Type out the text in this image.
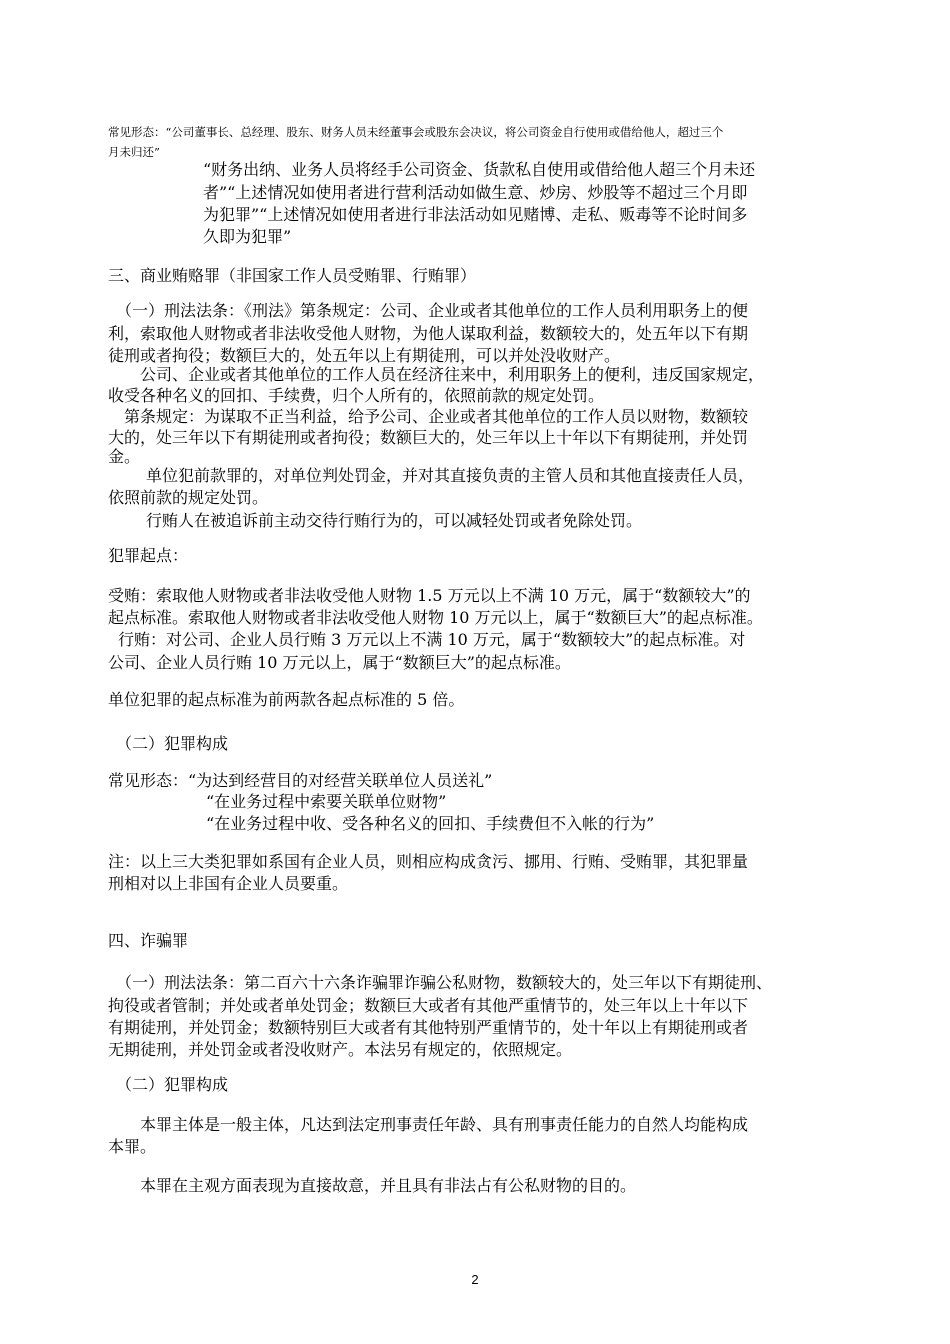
常见形态：“公司董事长、总经理、股东、财务人员未经董事会或股东会决议，将公司资金自行使用或借给他人，超过三个
月未归还”
“财务出纳、业务人员将经手公司资金、货款私自使用或借给他人超三个月未还
者”“上述情况如使用者进行营利活动如做生意、炒房、炒股等不超过三个月即
为犯罪”“上述情况如使用者进行非法活动如见赌博、走私、贩毒等不论时间多
久即为犯罪”
三、商业贿赂罪（非国家工作人员受贿罪、行贿罪）
（一）刑法法条：《刑法》第条规定：公司、企业或者其他单位的工作人员利用职务上的便
利，索取他人财物或者非法收受他人财物，为他人谋取利益，数额较大的，处五年以下有期
徒刑或者拘役；数额巨大的，处五年以上有期徒刑，可以并处没收财产。
公司、企业或者其他单位的工作人员在经济往来中，利用职务上的便利，违反国家规定，
收受各种名义的回扣、手续费，归个人所有的，依照前款的规定处罚。
第条规定：为谋取不正当利益，给予公司、企业或者其他单位的工作人员以财物，数额较
大的，处三年以下有期徒刑或者拘役；数额巨大的，处三年以上十年以下有期徒刑，并处罚
金。
单位犯前款罪的，对单位判处罚金，并对其直接负责的主管人员和其他直接责任人员，
依照前款的规定处罚。
行贿人在被追诉前主动交待行贿行为的，可以减轻处罚或者免除处罚。
犯罪起点：
受贿：索取他人财物或者非法收受他人财物 1.5 万元以上不满 10 万元，属于“数额较大”的
起点标准。索取他人财物或者非法收受他人财物 10 万元以上，属于“数额巨大”的起点标准。
行贿：对公司、企业人员行贿 3 万元以上不满 10 万元，属于“数额较大”的起点标准。对
公司、企业人员行贿 10 万元以上，属于“数额巨大”的起点标准。
单位犯罪的起点标准为前两款各起点标准的 5 倍。
（二）犯罪构成
常见形态：“为达到经营目的对经营关联单位人员送礼”
“在业务过程中索要关联单位财物”
“在业务过程中收、受各种名义的回扣、手续费但不入帐的行为”
注：以上三大类犯罪如系国有企业人员，则相应构成贪污、挪用、行贿、受贿罪，其犯罪量
刑相对以上非国有企业人员要重。
四、诈骗罪
（一）刑法法条：第二百六十六条诈骗罪诈骗公私财物，数额较大的，处三年以下有期徒刑、
拘役或者管制；并处或者单处罚金；数额巨大或者有其他严重情节的，处三年以上十年以下
有期徒刑，并处罚金；数额特别巨大或者有其他特别严重情节的，处十年以上有期徒刑或者
无期徒刑，并处罚金或者没收财产。本法另有规定的，依照规定。
（二）犯罪构成
本罪主体是一般主体，凡达到法定刑事责任年龄、具有刑事责任能力的自然人均能构成
本罪。
本罪在主观方面表现为直接故意，并且具有非法占有公私财物的目的。
2
